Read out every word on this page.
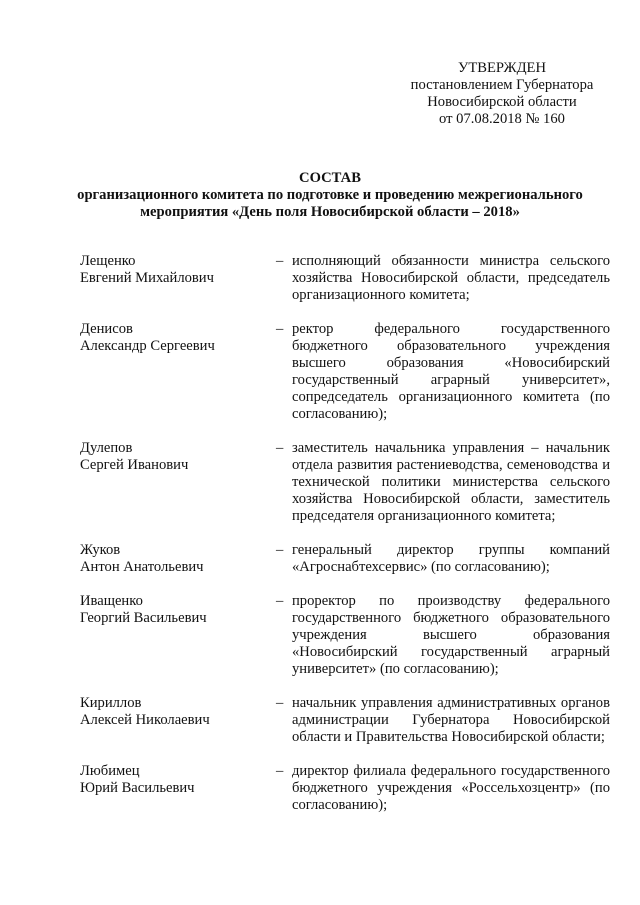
УТВЕРЖДЕН
постановлением Губернатора
Новосибирской области
от 07.08.2018 № 160
СОСТАВ
организационного комитета по подготовке и проведению межрегионального
мероприятия «День поля Новосибирской области – 2018»
Лещенко
Евгений Михайлович
– исполняющий обязанности министра сельского хозяйства Новосибирской области, председатель организационного комитета;
Денисов
Александр Сергеевич
– ректор федерального государственного бюджетного образовательного учреждения высшего образования «Новосибирский государственный аграрный университет», сопредседатель организационного комитета (по согласованию);
Дулепов
Сергей Иванович
– заместитель начальника управления – начальник отдела развития растениеводства, семеноводства и технической политики министерства сельского хозяйства Новосибирской области, заместитель председателя организационного комитета;
Жуков
Антон Анатольевич
– генеральный директор группы компаний «Агроснабтехсервис» (по согласованию);
Иващенко
Георгий Васильевич
– проректор по производству федерального государственного бюджетного образовательного учреждения высшего образования «Новосибирский государственный аграрный университет» (по согласованию);
Кириллов
Алексей Николаевич
– начальник управления административных органов администрации Губернатора Новосибирской области и Правительства Новосибирской области;
Любимец
Юрий Васильевич
– директор филиала федерального государственного бюджетного учреждения «Россельхозцентр» (по согласованию);
